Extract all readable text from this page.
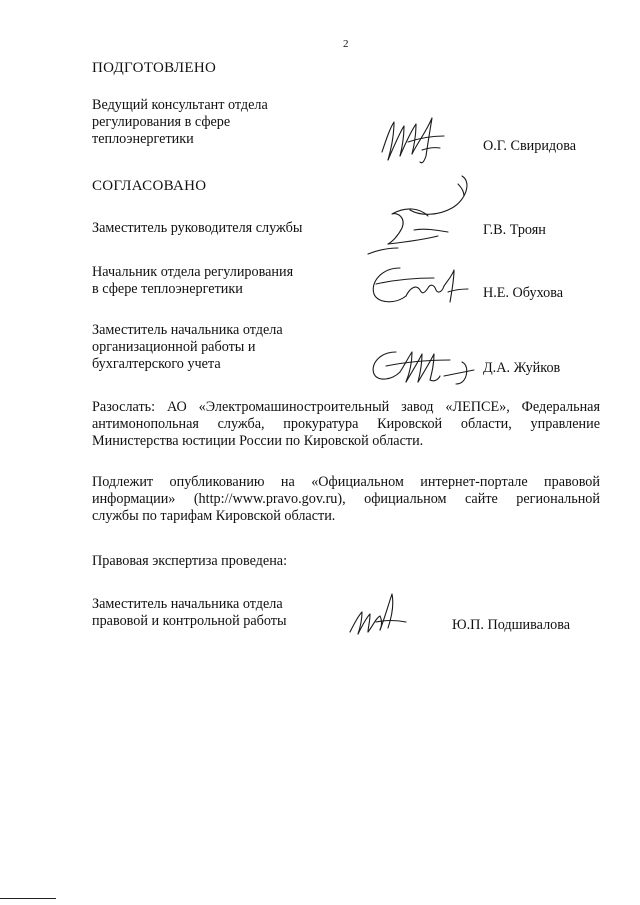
2
ПОДГОТОВЛЕНО
Ведущий консультант отдела
регулирования в сфере
теплоэнергетики	О.Г. Свиридова
СОГЛАСОВАНО
Заместитель руководителя службы	Г.В. Троян
Начальник отдела регулирования
в сфере теплоэнергетики	Н.Е. Обухова
Заместитель начальника отдела
организационной работы и
бухгалтерского учета	Д.А. Жуйков
Разослать: АО «Электромашиностроительный завод «ЛЕПСЕ», Федеральная
антимонопольная служба, прокуратура Кировской области, управление
Министерства юстиции России по Кировской области.
Подлежит опубликованию на «Официальном интернет-портале правовой
информации» (http://www.pravo.gov.ru), официальном сайте региональной
службы по тарифам Кировской области.
Правовая экспертиза проведена:
Заместитель начальника отдела
правовой и контрольной работы	Ю.П. Подшивалова
